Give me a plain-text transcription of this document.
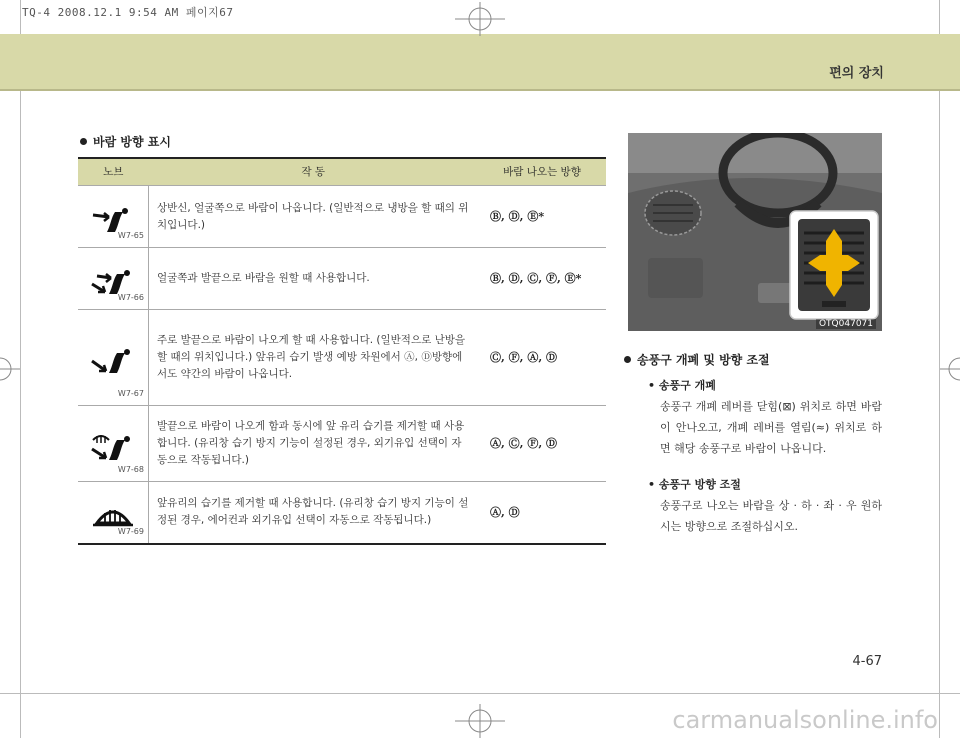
TQ-4 2008.12.1 9:54 AM 페이지67
편의 장치
바람 방향 표시
노브	작 동	바람 나오는 방향

W7-65	상반신, 얼굴쪽으로 바람이 나옵니다. (일반적으로 냉방을 할 때의 위치입니다.)	Ⓑ, Ⓓ, Ⓔ*

W7-66	얼굴쪽과 발끝으로 바람을 원할 때 사용합니다.	Ⓑ, Ⓓ, Ⓒ, Ⓕ, Ⓔ*

W7-67	주로 발끝으로 바람이 나오게 할 때 사용합니다. (일반적으로 난방을 할 때의 위치입니다.) 앞유리 습기 발생 예방 차원에서 Ⓐ, Ⓓ방향에서도 약간의 바람이 나옵니다.	Ⓒ, Ⓕ, Ⓐ, Ⓓ

W7-68	발끝으로 바람이 나오게 함과 동시에 앞 유리 습기를 제거할 때 사용합니다. (유리창 습기 방지 기능이 설정된 경우, 외기유입 선택이 자동으로 작동됩니다.)	Ⓐ, Ⓒ, Ⓕ, Ⓓ

W7-69	앞유리의 습기를 제거할 때 사용합니다. (유리창 습기 방지 기능이 설정된 경우, 에어컨과 외기유입 선택이 자동으로 작동됩니다.)	Ⓐ, Ⓓ
OTQ047071
송풍구 개폐 및 방향 조절
• 송풍구 개폐
송풍구 개폐 레버를 닫힘(⊠) 위치로 하면 바람이 안나오고, 개폐 레버를 열림(≈) 위치로 하면 해당 송풍구로 바람이 나옵니다.
• 송풍구 방향 조절
송풍구로 나오는 바람을 상 · 하 · 좌 · 우 원하시는 방향으로 조절하십시오.
4-67
carmanualsonline.info
